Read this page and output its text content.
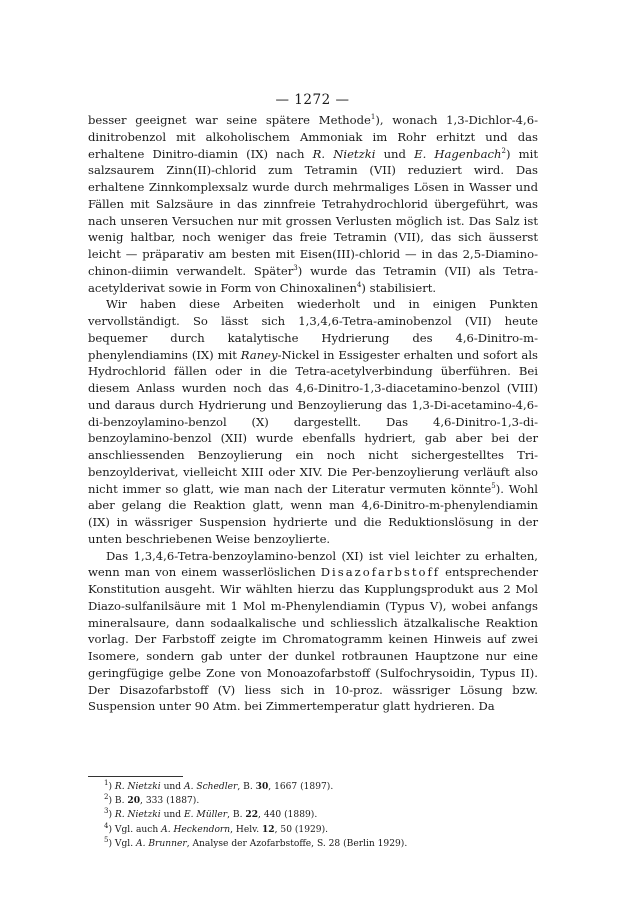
— 1272 —

besser geeignet war seine spätere Methode$^1$), wonach 1,3-Dichlor-4,6-dinitrobenzol mit alkoholischem Ammoniak im Rohr erhitzt und das erhaltene Dinitro-diamin (IX) nach R. Nietzki und E. Hagenbach$^2$) mit salzsaurem Zinn(II)-chlorid zum Tetramin (VII) reduziert wird. Das erhaltene Zinnkomplexsalz wurde durch mehrmaliges Lösen in Wasser und Fällen mit Salzsäure in das zinnfreie Tetrahydrochlorid übergeführt, was nach unseren Versuchen nur mit grossen Verlusten möglich ist. Das Salz ist wenig haltbar, noch weniger das freie Tetramin (VII), das sich äusserst leicht — präparativ am besten mit Eisen(III)-chlorid — in das 2,5-Diamino-chinon-diimin verwandelt. Später$^3$) wurde das Tetramin (VII) als Tetra-acetylderivat sowie in Form von Chinoxalinen$^4$) stabilisiert.

Wir haben diese Arbeiten wiederholt und in einigen Punkten vervollständigt. So lässt sich 1,3,4,6-Tetra-aminobenzol (VII) heute bequemer durch katalytische Hydrierung des 4,6-Dinitro-m-phenylendiamins (IX) mit Raney-Nickel in Essigester erhalten und sofort als Hydrochlorid fällen oder in die Tetra-acetylverbindung überführen. Bei diesem Anlass wurden noch das 4,6-Dinitro-1,3-diacetamino-benzol (VIII) und daraus durch Hydrierung und Benzoylierung das 1,3-Di-acetamino-4,6-di-benzoylamino-benzol (X) dargestellt. Das 4,6-Dinitro-1,3-di-benzoylamino-benzol (XII) wurde ebenfalls hydriert, gab aber bei der anschliessenden Benzoylierung ein noch nicht sichergestelltes Tri-benzoylderivat, vielleicht XIII oder XIV. Die Per-benzoylierung verläuft also nicht immer so glatt, wie man nach der Literatur vermuten könnte$^5$). Wohl aber gelang die Reaktion glatt, wenn man 4,6-Dinitro-m-phenylendiamin (IX) in wässriger Suspension hydrierte und die Reduktionslösung in der unten beschriebenen Weise benzoylierte.

Das 1,3,4,6-Tetra-benzoylamino-benzol (XI) ist viel leichter zu erhalten, wenn man von einem wasserlöslichen Disazofarbstoff entsprechender Konstitution ausgeht. Wir wählten hierzu das Kupplungsprodukt aus 2 Mol Diazo-sulfanilsäure mit 1 Mol m-Phenylendiamin (Typus V), wobei anfangs mineralsaure, dann sodaalkalische und schliesslich ätzalkalische Reaktion vorlag. Der Farbstoff zeigte im Chromatogramm keinen Hinweis auf zwei Isomere, sondern gab unter der dunkel rotbraunen Hauptzone nur eine geringfügige gelbe Zone von Monoazofarbstoff (Sulfochrysoidin, Typus II). Der Disazofarbstoff (V) liess sich in 10-proz. wässriger Lösung bzw. Suspension unter 90 Atm. bei Zimmertemperatur glatt hydrieren. Da

$^1$) R. Nietzki und A. Schedler, B. 30, 1667 (1897).
$^2$) B. 20, 333 (1887).
$^3$) R. Nietzki und E. Müller, B. 22, 440 (1889).
$^4$) Vgl. auch A. Heckendorn, Helv. 12, 50 (1929).
$^5$) Vgl. A. Brunner, Analyse der Azofarbstoffe, S. 28 (Berlin 1929).
